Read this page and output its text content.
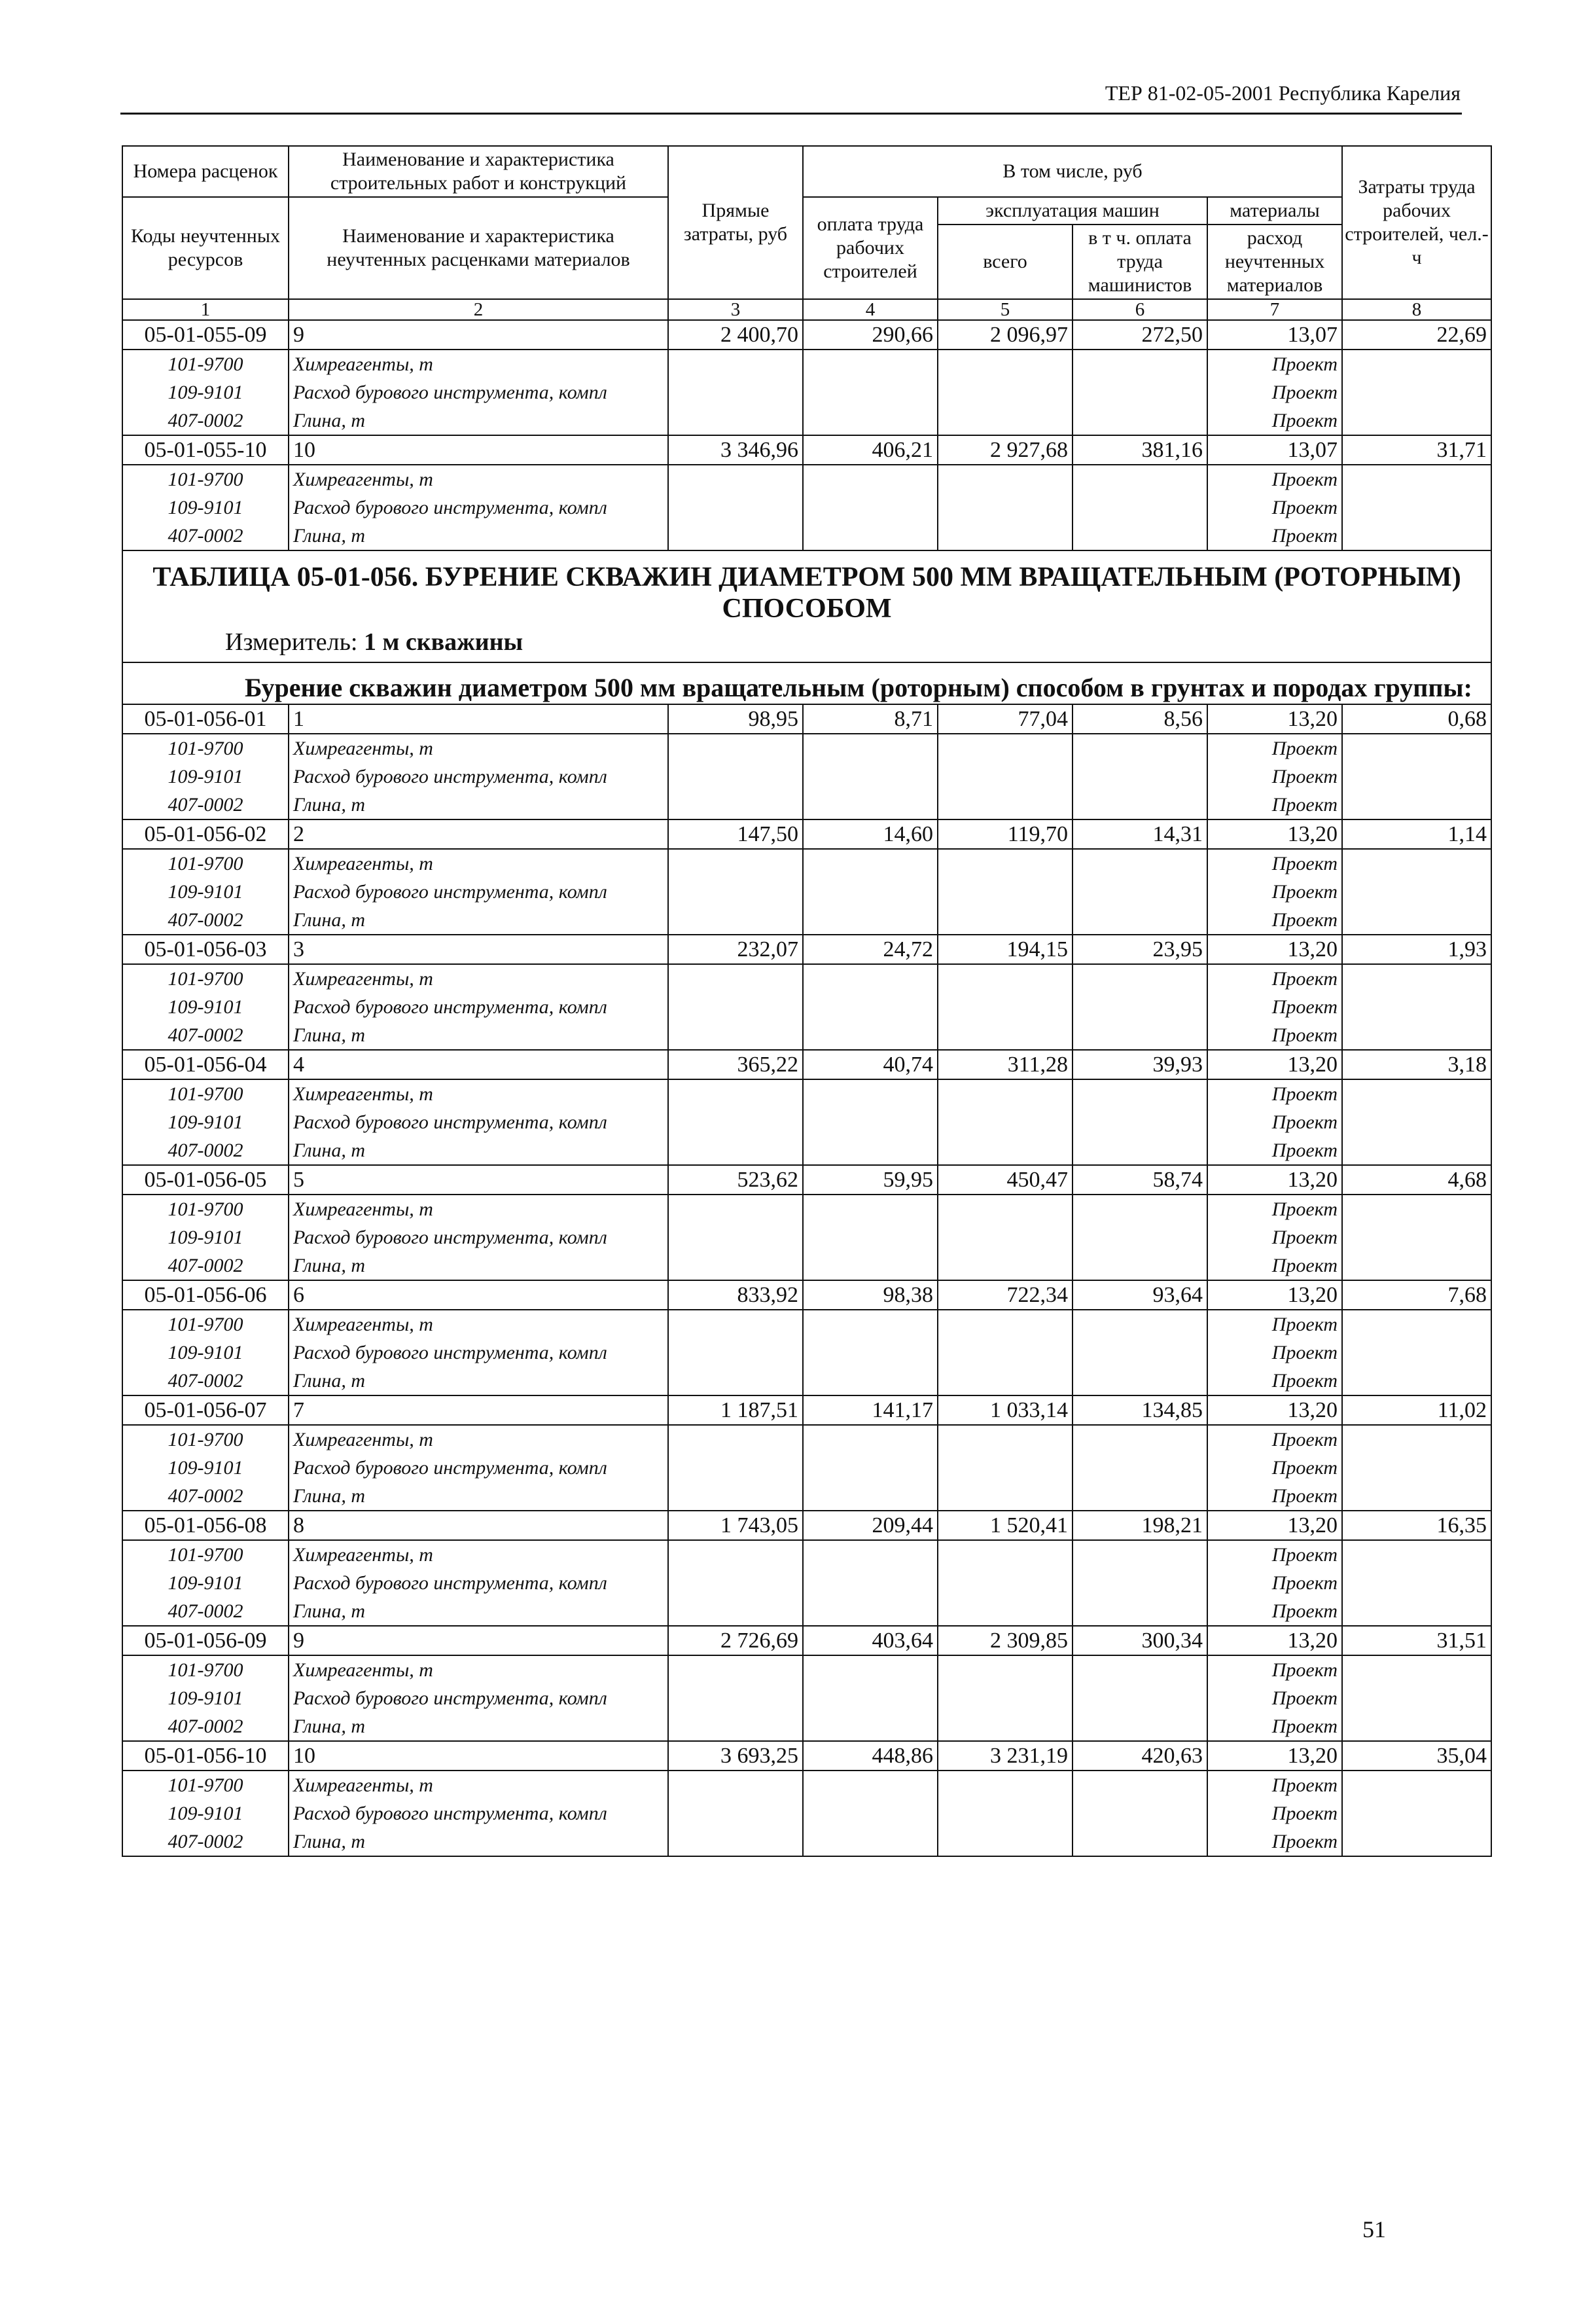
ТЕР 81-02-05-2001 Республика Карелия
Номера расценок	Наименование и характеристика строительных работ и конструкций	Прямые затраты, руб	В том числе, руб				Затраты труда рабочих строителей, чел.-ч
Коды неучтенных ресурсов	Наименование и характеристика неучтенных расценками материалов		оплата труда рабочих строителей	эксплуатация машин		материалы	
				всего	в т ч. оплата труда машинистов	расход неучтенных материалов	
1	2	3	4	5	6	7	8
05-01-055-09	9	2 400,70	290,66	2 096,97	272,50	13,07	22,69
101-9700	Химреагенты, т					Проект	
109-9101	Расход бурового инструмента, компл					Проект	
407-0002	Глина, т					Проект	
05-01-055-10	10	3 346,96	406,21	2 927,68	381,16	13,07	31,71
101-9700	Химреагенты, т					Проект	
109-9101	Расход бурового инструмента, компл					Проект	
407-0002	Глина, т					Проект	

ТАБЛИЦА 05-01-056. БУРЕНИЕ СКВАЖИН ДИАМЕТРОМ 500 ММ ВРАЩАТЕЛЬНЫМ (РОТОРНЫМ) СПОСОБОМ
Измеритель: 1 м скважины							

Бурение скважин диаметром 500 мм вращательным (роторным) способом в грунтах и породах группы:							
05-01-056-01	1	98,95	8,71	77,04	8,56	13,20	0,68
101-9700	Химреагенты, т					Проект	
109-9101	Расход бурового инструмента, компл					Проект	
407-0002	Глина, т					Проект	
05-01-056-02	2	147,50	14,60	119,70	14,31	13,20	1,14
101-9700	Химреагенты, т					Проект	
109-9101	Расход бурового инструмента, компл					Проект	
407-0002	Глина, т					Проект	
05-01-056-03	3	232,07	24,72	194,15	23,95	13,20	1,93
101-9700	Химреагенты, т					Проект	
109-9101	Расход бурового инструмента, компл					Проект	
407-0002	Глина, т					Проект	
05-01-056-04	4	365,22	40,74	311,28	39,93	13,20	3,18
101-9700	Химреагенты, т					Проект	
109-9101	Расход бурового инструмента, компл					Проект	
407-0002	Глина, т					Проект	
05-01-056-05	5	523,62	59,95	450,47	58,74	13,20	4,68
101-9700	Химреагенты, т					Проект	
109-9101	Расход бурового инструмента, компл					Проект	
407-0002	Глина, т					Проект	
05-01-056-06	6	833,92	98,38	722,34	93,64	13,20	7,68
101-9700	Химреагенты, т					Проект	
109-9101	Расход бурового инструмента, компл					Проект	
407-0002	Глина, т					Проект	
05-01-056-07	7	1 187,51	141,17	1 033,14	134,85	13,20	11,02
101-9700	Химреагенты, т					Проект	
109-9101	Расход бурового инструмента, компл					Проект	
407-0002	Глина, т					Проект	
05-01-056-08	8	1 743,05	209,44	1 520,41	198,21	13,20	16,35
101-9700	Химреагенты, т					Проект	
109-9101	Расход бурового инструмента, компл					Проект	
407-0002	Глина, т					Проект	
05-01-056-09	9	2 726,69	403,64	2 309,85	300,34	13,20	31,51
101-9700	Химреагенты, т					Проект	
109-9101	Расход бурового инструмента, компл					Проект	
407-0002	Глина, т					Проект	
05-01-056-10	10	3 693,25	448,86	3 231,19	420,63	13,20	35,04
101-9700	Химреагенты, т					Проект	
109-9101	Расход бурового инструмента, компл					Проект	
407-0002	Глина, т					Проект	
51
